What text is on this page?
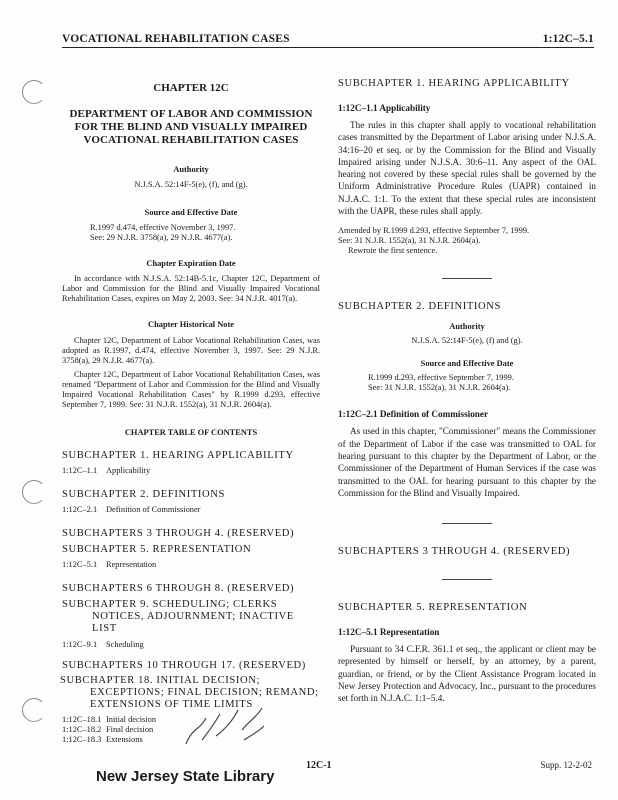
VOCATIONAL REHABILITATION CASES	1:12C–5.1
CHAPTER 12C
DEPARTMENT OF LABOR AND COMMISSION FOR THE BLIND AND VISUALLY IMPAIRED VOCATIONAL REHABILITATION CASES
Authority
N.J.S.A. 52:14F-5(e), (f), and (g).
Source and Effective Date
R.1997 d.474, effective November 3, 1997.
See: 29 N.J.R. 3758(a), 29 N.J.R. 4677(a).
Chapter Expiration Date
In accordance with N.J.S.A. 52:14B-5.1c, Chapter 12C, Department of Labor and Commission for the Blind and Visually Impaired Vocational Rehabilitation Cases, expires on May 2, 2003. See: 34 N.J.R. 4017(a).
Chapter Historical Note
Chapter 12C, Department of Labor Vocational Rehabilitation Cases, was adopted as R.1997, d.474, effective November 3, 1997. See: 29 N.J.R. 3758(a), 29 N.J.R. 4677(a).
Chapter 12C, Department of Labor Vocational Rehabilitation Cases, was renamed "Department of Labor and Commission for the Blind and Visually Impaired Vocational Rehabilitation Cases" by R.1999 d.293, effective September 7, 1999. See: 31 N.J.R. 1552(a), 31 N.J.R. 2604(a).
CHAPTER TABLE OF CONTENTS
SUBCHAPTER 1. HEARING APPLICABILITY
1:12C–1.1	Applicability
SUBCHAPTER 2. DEFINITIONS
1:12C–2.1	Definition of Commissioner
SUBCHAPTERS 3 THROUGH 4. (RESERVED)
SUBCHAPTER 5. REPRESENTATION
1:12C–5.1	Representation
SUBCHAPTERS 6 THROUGH 8. (RESERVED)
SUBCHAPTER 9. SCHEDULING; CLERKS NOTICES, ADJOURNMENT; INACTIVE LIST
1:12C–9.1	Scheduling
SUBCHAPTERS 10 THROUGH 17. (RESERVED)
SUBCHAPTER 18. INITIAL DECISION; EXCEPTIONS; FINAL DECISION; REMAND; EXTENSIONS OF TIME LIMITS
1:12C–18.1 Initial decision
1:12C–18.2 Final decision
1:12C–18.3 Extensions
SUBCHAPTER 1. HEARING APPLICABILITY
1:12C–1.1 Applicability
The rules in this chapter shall apply to vocational rehabilitation cases transmitted by the Department of Labor arising under N.J.S.A. 34:16–20 et seq. or by the Commission for the Blind and Visually Impaired arising under N.J.S.A. 30:6–11. Any aspect of the OAL hearing not covered by these special rules shall be governed by the Uniform Administrative Procedure Rules (UAPR) contained in N.J.A.C. 1:1. To the extent that these special rules are inconsistent with the UAPR, these rules shall apply.
Amended by R.1999 d.293, effective September 7, 1999.
See: 31 N.J.R. 1552(a), 31 N.J.R. 2604(a).
Rewrote the first sentence.
SUBCHAPTER 2. DEFINITIONS
Authority
N.J.S.A. 52:14F-5(e), (f) and (g).
Source and Effective Date
R.1999 d.293, effective September 7, 1999.
See: 31 N.J.R. 1552(a), 31 N.J.R. 2604(a).
1:12C–2.1 Definition of Commissioner
As used in this chapter, "Commissioner" means the Commissioner of the Department of Labor if the case was transmitted to OAL for hearing pursuant to this chapter by the Department of Labor, or the Commissioner of the Department of Human Services if the case was transmitted to the OAL for hearing pursuant to this chapter by the Commission for the Blind and Visually Impaired.
SUBCHAPTERS 3 THROUGH 4. (RESERVED)
SUBCHAPTER 5. REPRESENTATION
1:12C–5.1 Representation
Pursuant to 34 C.F.R. 361.1 et seq., the applicant or client may be represented by himself or herself, by an attorney, by a parent, guardian, or friend, or by the Client Assistance Program located in New Jersey Protection and Advocacy, Inc., pursuant to the procedures set forth in N.J.A.C. 1:1–5.4.
12C-1	Supp. 12-2-02
New Jersey State Library
